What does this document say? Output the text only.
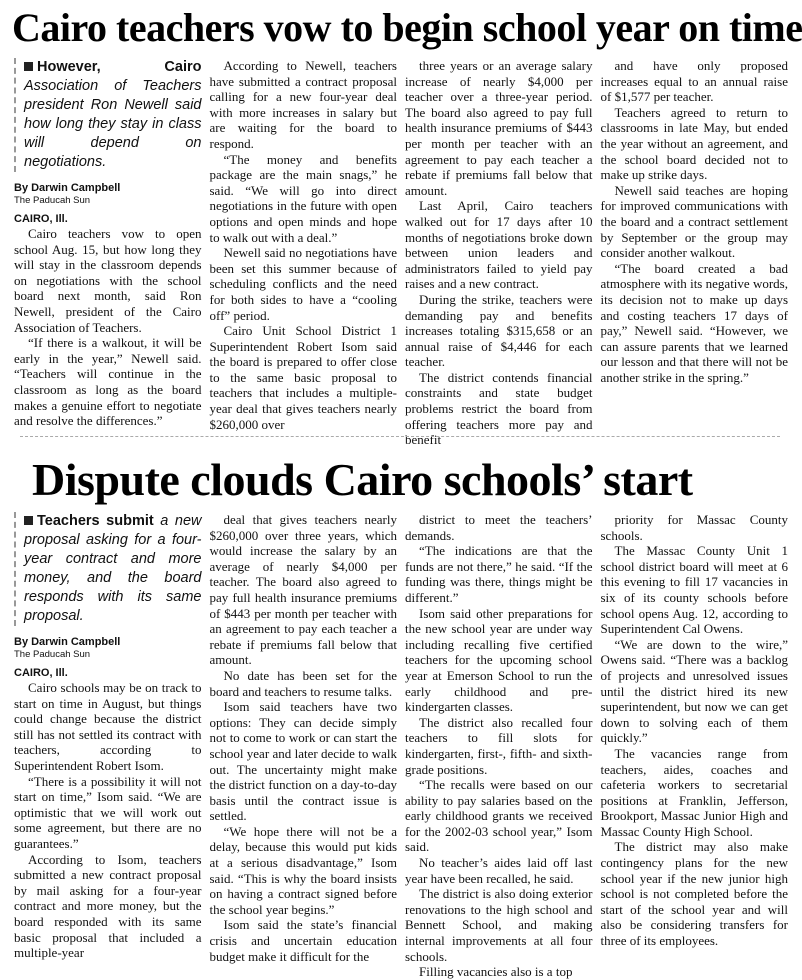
Cairo teachers vow to begin school year on time
However, Cairo Association of Teachers president Ron Newell said how long they stay in class will depend on negotiations.
By Darwin Campbell
The Paducah Sun
CAIRO, Ill.

Cairo teachers vow to open school Aug. 15, but how long they will stay in the classroom depends on negotiations with the school board next month, said Ron Newell, president of the Cairo Association of Teachers.

“If there is a walkout, it will be early in the year,” Newell said. “Teachers will continue in the classroom as long as the board makes a genuine effort to negotiate and resolve the differences.”

According to Newell, teachers have submitted a contract proposal calling for a new four-year deal with more increases in salary but are waiting for the board to respond.

“The money and benefits package are the main snags,” he said. “We will go into direct negotiations in the future with open options and open minds and hope to walk out with a deal.”

Newell said no negotiations have been set this summer because of scheduling conflicts and the need for both sides to have a “cooling off” period.

Cairo Unit School District 1 Superintendent Robert Isom said the board is prepared to offer close to the same basic proposal to teachers that includes a multiple-year deal that gives teachers nearly $260,000 over

three years or an average salary increase of nearly $4,000 per teacher over a three-year period. The board also agreed to pay full health insurance premiums of $443 per month per teacher with an agreement to pay each teacher a rebate if premiums fall below that amount.

Last April, Cairo teachers walked out for 17 days after 10 months of negotiations broke down between union leaders and administrators failed to yield pay raises and a new contract.

During the strike, teachers were demanding pay and benefits increases totaling $315,658 or an annual raise of $4,446 for each teacher.

The district contends financial constraints and state budget problems restrict the board from offering teachers more pay and benefit

and have only proposed increases equal to an annual raise of $1,577 per teacher.

Teachers agreed to return to classrooms in late May, but ended the year without an agreement, and the school board decided not to make up strike days.

Newell said teaches are hoping for improved communications with the board and a contract settlement by September or the group may consider another walkout.

“The board created a bad atmosphere with its negative words, its decision not to make up days and costing teachers 17 days of pay,” Newell said. “However, we can assure parents that we learned our lesson and that there will not be another strike in the spring.”

Dispute clouds Cairo schools’ start
Teachers submit a new proposal asking for a four-year contract and more money, and the board responds with its same proposal.
By Darwin Campbell
The Paducah Sun
CAIRO, Ill.

Cairo schools may be on track to start on time in August, but things could change because the district still has not settled its contract with teachers, according to Superintendent Robert Isom.

“There is a possibility it will not start on time,” Isom said. “We are optimistic that we will work out some agreement, but there are no guarantees.”

According to Isom, teachers submitted a new contract proposal by mail asking for a four-year contract and more money, but the board responded with its same basic proposal that included a multiple-year

deal that gives teachers nearly $260,000 over three years, which would increase the salary by an average of nearly $4,000 per teacher. The board also agreed to pay full health insurance premiums of $443 per month per teacher with an agreement to pay each teacher a rebate if premiums fall below that amount.

No date has been set for the board and teachers to resume talks.

Isom said teachers have two options: They can decide simply not to come to work or can start the school year and later decide to walk out. The uncertainty might make the district function on a day-to-day basis until the contract issue is settled.

“We hope there will not be a delay, because this would put kids at a serious disadvantage,” Isom said. “This is why the board insists on having a contract signed before the school year begins.”

Isom said the state’s financial crisis and uncertain education budget make it difficult for the

district to meet the teachers’ demands.

“The indications are that the funds are not there,” he said. “If the funding was there, things might be different.”

Isom said other preparations for the new school year are under way including recalling five certified teachers for the upcoming school year at Emerson School to run the early childhood and pre-kindergarten classes.

The district also recalled four teachers to fill slots for kindergarten, first-, fifth- and sixth-grade positions.

“The recalls were based on our ability to pay salaries based on the early childhood grants we received for the 2002-03 school year,” Isom said.

No teacher’s aides laid off last year have been recalled, he said.

The district is also doing exterior renovations to the high school and Bennett School, and making internal improvements at all four schools.

Filling vacancies also is a top

priority for Massac County schools.

The Massac County Unit 1 school district board will meet at 6 this evening to fill 17 vacancies in six of its county schools before school opens Aug. 12, according to Superintendent Cal Owens.

“We are down to the wire,” Owens said. “There was a backlog of projects and unresolved issues until the district hired its new superintendent, but now we can get down to solving each of them quickly.”

The vacancies range from teachers, aides, coaches and cafeteria workers to secretarial positions at Franklin, Jefferson, Brookport, Massac Junior High and Massac County High School.

The district may also make contingency plans for the new school year if the new junior high school is not completed before the start of the school year and will also be considering transfers for three of its employees.
